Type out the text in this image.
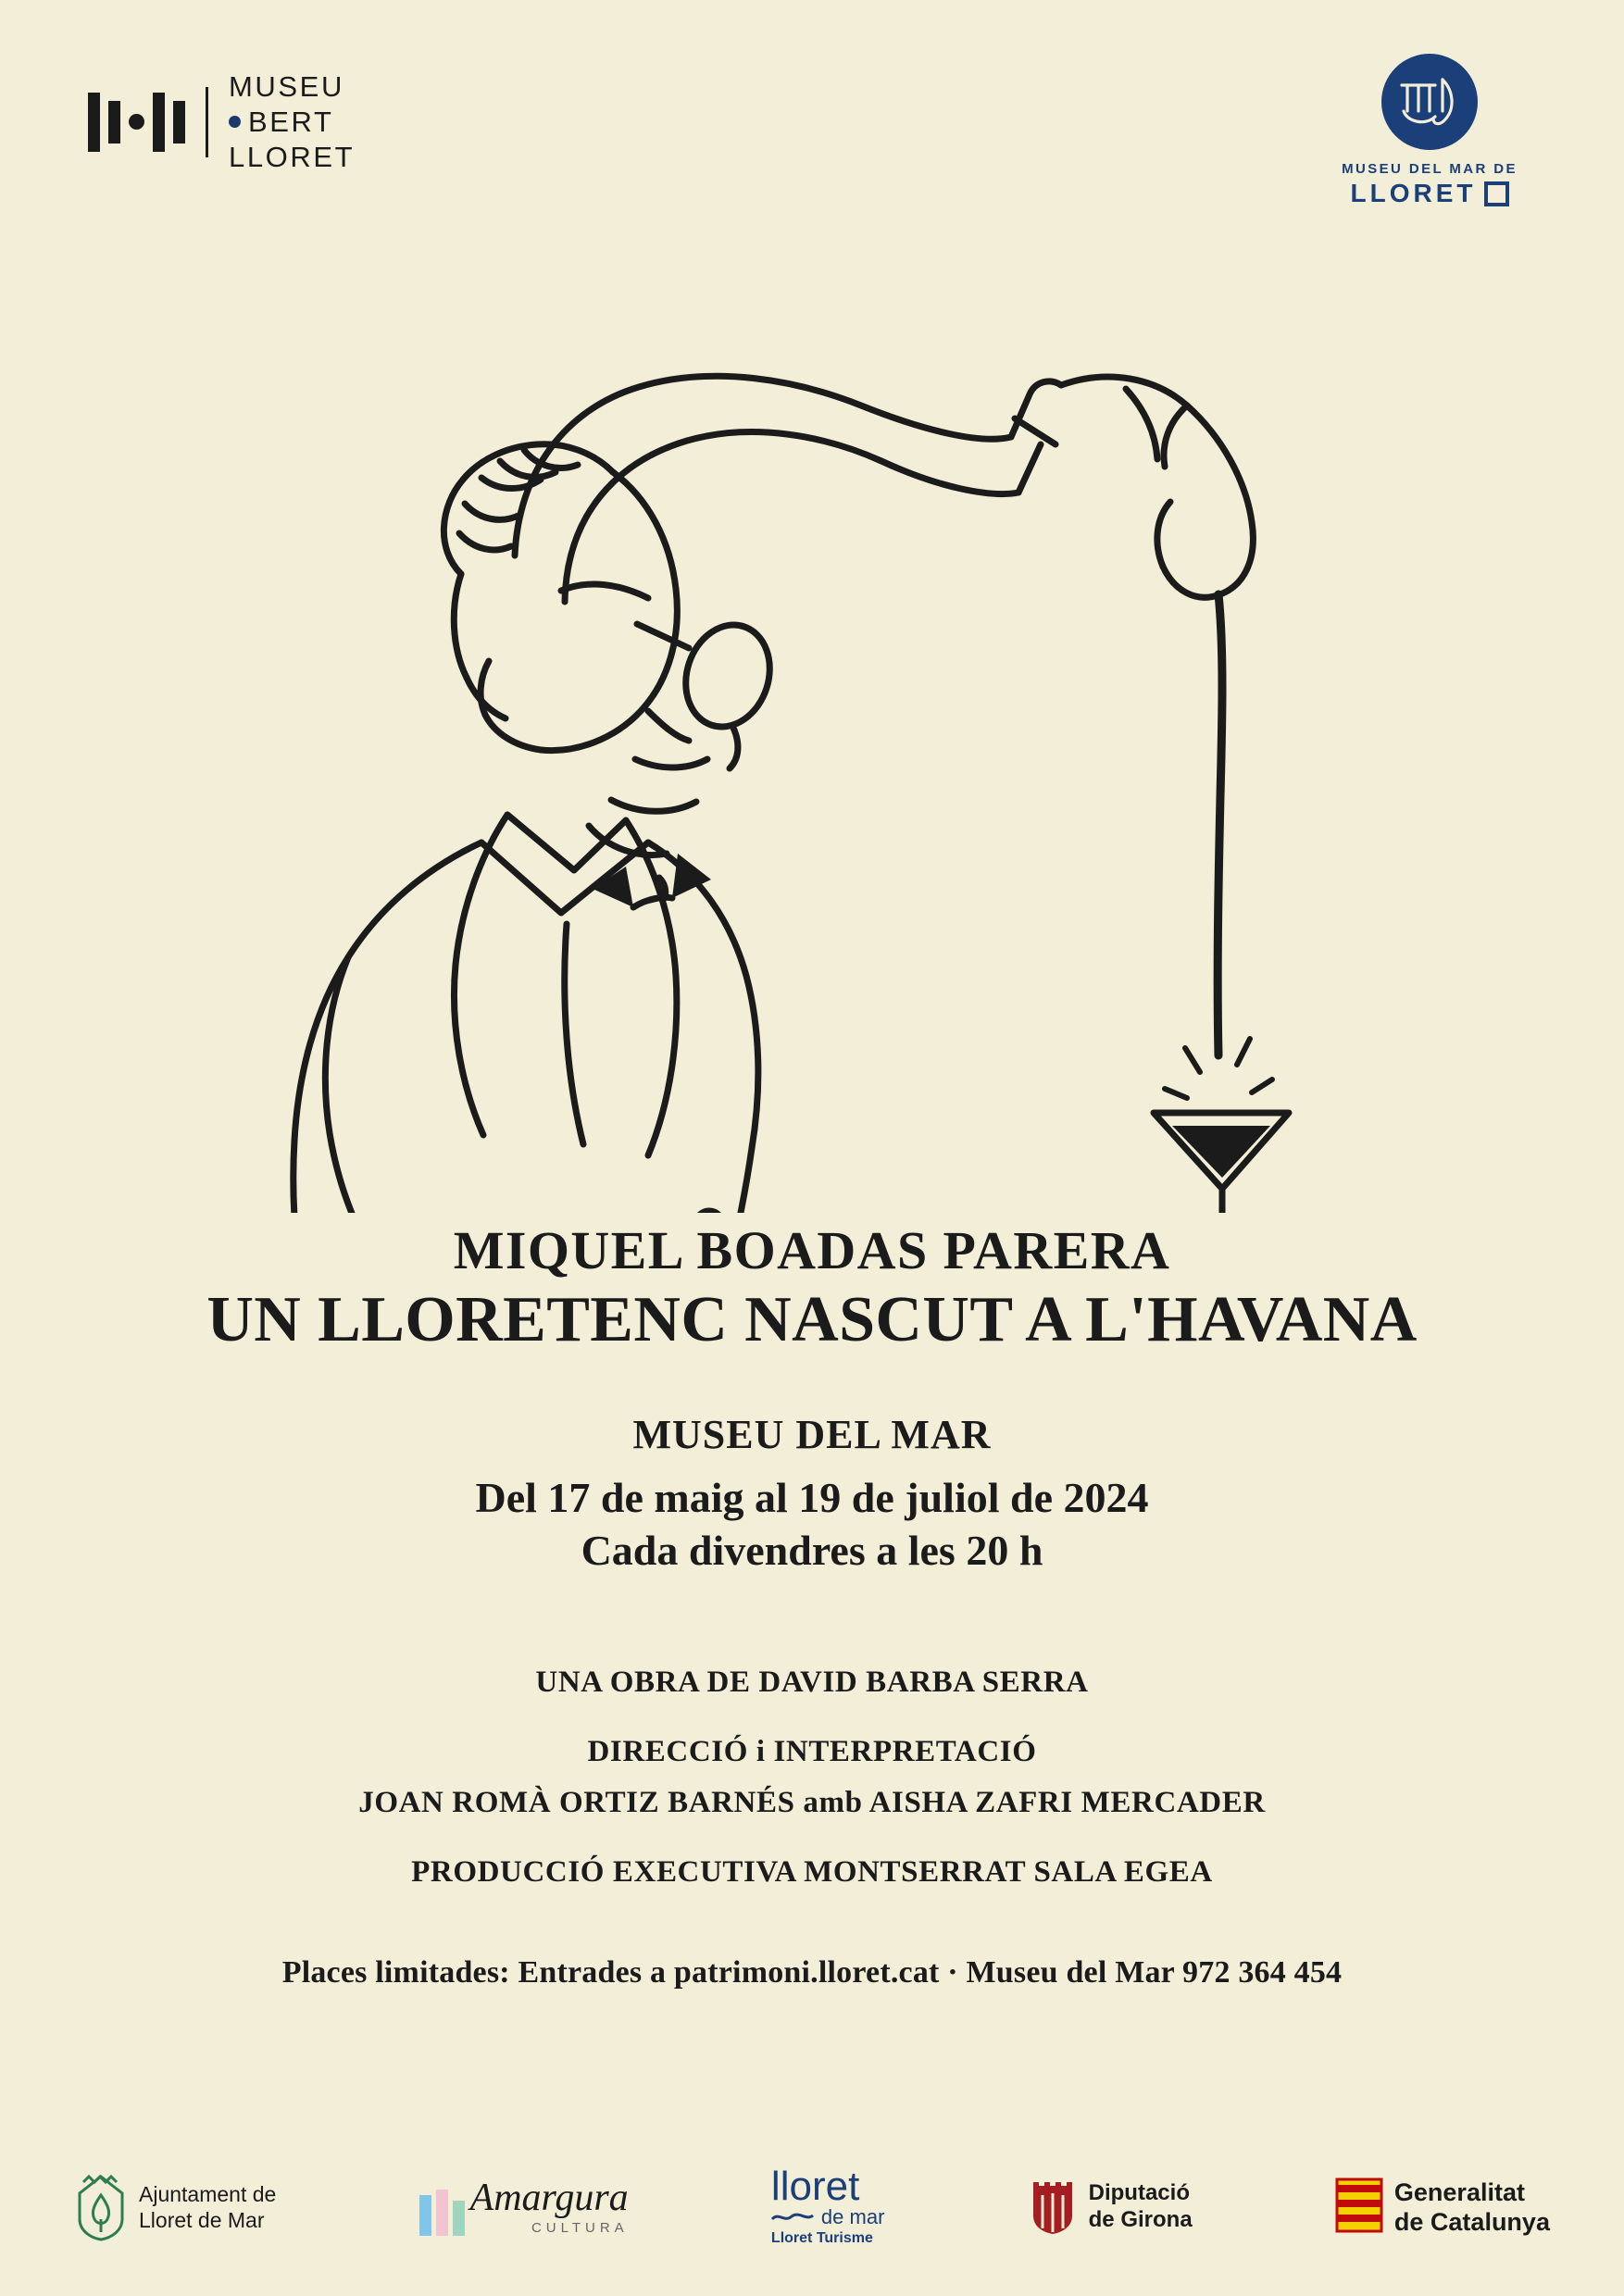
MUSEU
BERT
LLORET	MUSEU DEL MAR DE
LLORET
MIQUEL BOADAS PARERA
UN LLORETENC NASCUT A L'HAVANA
MUSEU DEL MAR
Del 17 de maig al 19 de juliol de 2024
Cada divendres a les 20 h
UNA OBRA DE DAVID BARBA SERRA
DIRECCIÓ i INTERPRETACIÓ
JOAN ROMÀ ORTIZ BARNÉS amb AISHA ZAFRI MERCADER
PRODUCCIÓ EXECUTIVA MONTSERRAT SALA EGEA
Places limitades: Entrades a patrimoni.lloret.cat · Museu del Mar 972 364 454
Ajuntament de
Lloret de Mar
Amargura
CULTURA
lloret
de mar
Lloret Turisme
Diputació
de Girona
Generalitat
de Catalunya
